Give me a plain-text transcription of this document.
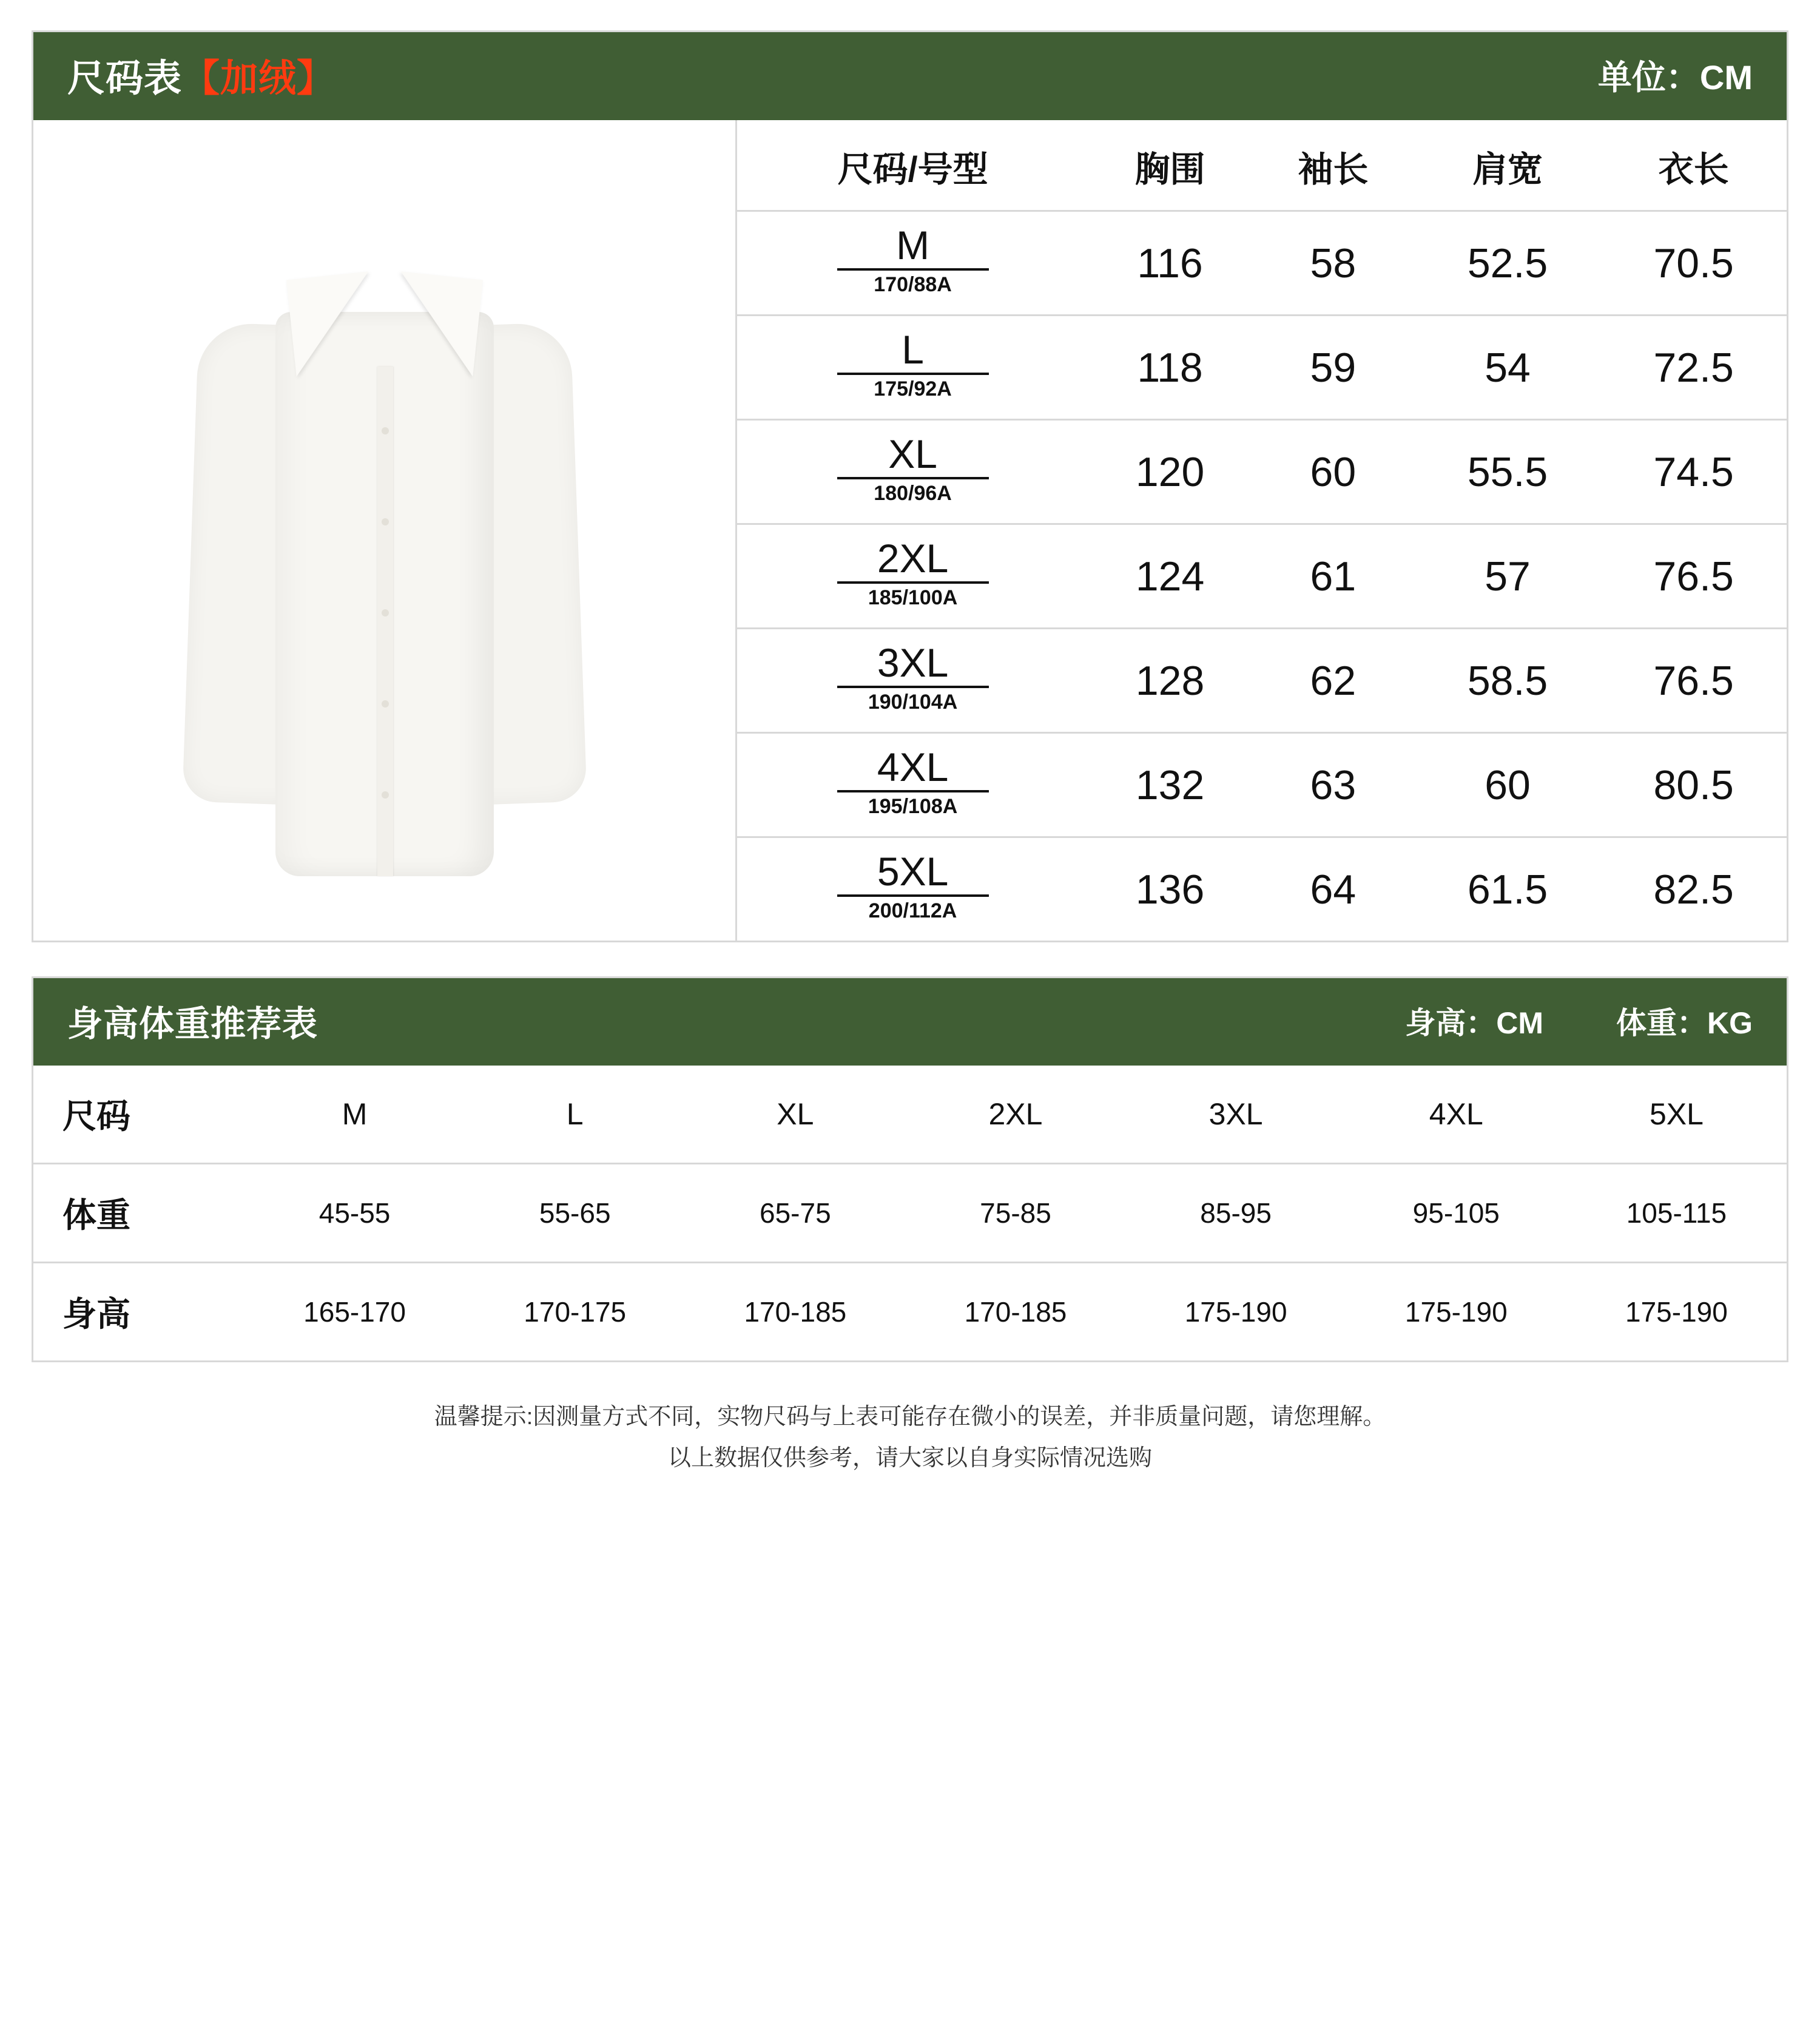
尺码表【加绒】	单位：CM
尺码/号型	胸围	袖长	肩宽	衣长

M
170/88A	116	58	52.5	70.5

L
175/92A	118	59	54	72.5

XL
180/96A	120	60	55.5	74.5

2XL
185/100A	124	61	57	76.5

3XL
190/104A	128	62	58.5	76.5

4XL
195/108A	132	63	60	80.5

5XL
200/112A	136	64	61.5	82.5
身高体重推荐表	身高：CM 体重：KG
尺码	M	L	XL	2XL	3XL	4XL	5XL
体重	45-55	55-65	65-75	75-85	85-95	95-105	105-115
身高	165-170	170-175	170-185	170-185	175-190	175-190	175-190
温馨提示:因测量方式不同，实物尺码与上表可能存在微小的误差，并非质量问题，请您理解。
以上数据仅供参考，请大家以自身实际情况选购
